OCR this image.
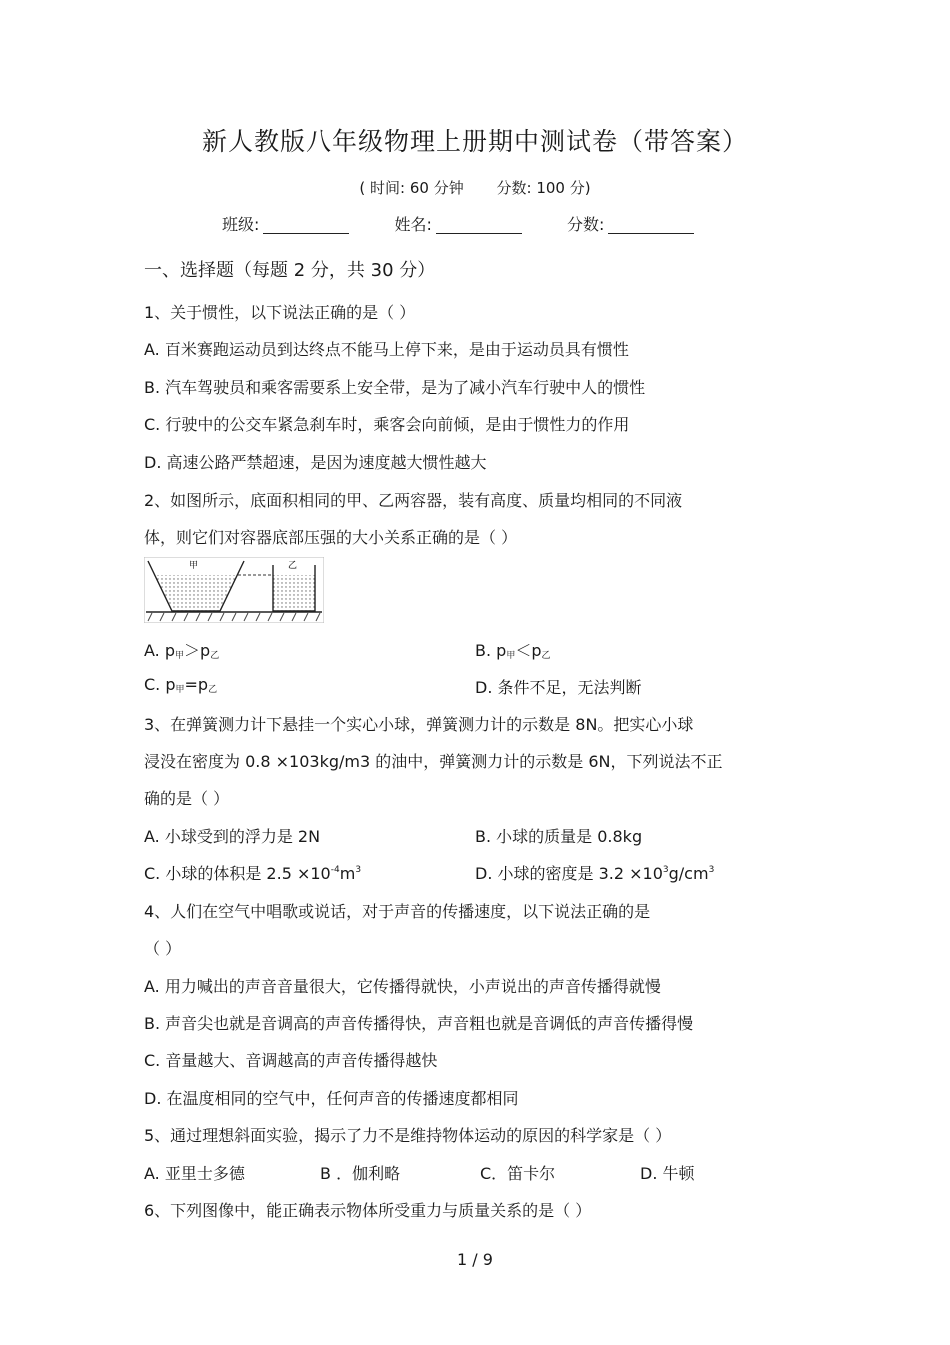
新人教版八年级物理上册期中测试卷（带答案）
( 时间: 60 分钟 分数: 100 分)
班级:	姓名:	分数:
一、选择题（每题 2 分，共 30 分）
1、关于惯性，以下说法正确的是（ ）
A. 百米赛跑运动员到达终点不能马上停下来，是由于运动员具有惯性
B. 汽车驾驶员和乘客需要系上安全带，是为了减小汽车行驶中人的惯性
C. 行驶中的公交车紧急刹车时，乘客会向前倾，是由于惯性力的作用
D. 高速公路严禁超速，是因为速度越大惯性越大
2、如图所示，底面积相同的甲、乙两容器，装有高度、质量均相同的不同液
体，则它们对容器底部压强的大小关系正确的是（ ）
甲	乙
A. $p_甲>p_乙$	B. $p_甲<p_乙$
C. $p_甲=p_乙$	D. 条件不足，无法判断
3、在弹簧测力计下悬挂一个实心小球，弹簧测力计的示数是 8N。把实心小球
浸没在密度为 0.8 ×103kg/m3 的油中，弹簧测力计的示数是 6N，下列说法不正
确的是（ ）
A. 小球受到的浮力是 2N	B. 小球的质量是 0.8kg
C. 小球的体积是 $2.5 \times 10^{-4}m^3$	D. 小球的密度是 $3.2 \times 10^3g/cm^3$
4、人们在空气中唱歌或说话，对于声音的传播速度，以下说法正确的是
（ ）
A. 用力喊出的声音音量很大，它传播得就快，小声说出的声音传播得就慢
B. 声音尖也就是音调高的声音传播得快，声音粗也就是音调低的声音传播得慢
C. 音量越大、音调越高的声音传播得越快
D. 在温度相同的空气中，任何声音的传播速度都相同
5、通过理想斜面实验，揭示了力不是维持物体运动的原因的科学家是（ ）
A. 亚里士多德	B ．伽利略	C．笛卡尔	D. 牛顿
6、下列图像中，能正确表示物体所受重力与质量关系的是（ ）
1 / 9
